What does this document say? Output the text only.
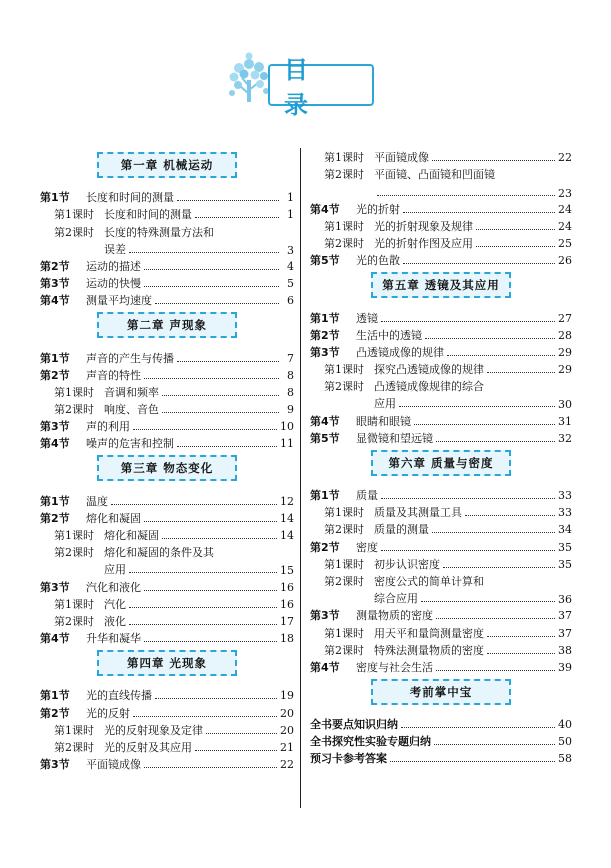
目 录
第一章 机械运动
第1节	长度和时间的测量	1
第1课时 长度和时间的测量	1
第2课时 长度的特殊测量方法和
误差	3
第2节	运动的描述	4
第3节	运动的快慢	5
第4节	测量平均速度	6
第二章 声现象
第1节	声音的产生与传播	7
第2节	声音的特性	8
第1课时 音调和频率	8
第2课时 响度、音色	9
第3节	声的利用	10
第4节	噪声的危害和控制	11
第三章 物态变化
第1节	温度	12
第2节	熔化和凝固	14
第1课时 熔化和凝固	14
第2课时 熔化和凝固的条件及其
应用	15
第3节	汽化和液化	16
第1课时 汽化	16
第2课时 液化	17
第4节	升华和凝华	18
第四章 光现象
第1节	光的直线传播	19
第2节	光的反射	20
第1课时 光的反射现象及定律	20
第2课时 光的反射及其应用	21
第3节	平面镜成像	22
第1课时 平面镜成像	22
第2课时 平面镜、凸面镜和凹面镜
23
第4节	光的折射	24
第1课时 光的折射现象及规律	24
第2课时 光的折射作图及应用	25
第5节	光的色散	26
第五章 透镜及其应用
第1节	透镜	27
第2节	生活中的透镜	28
第3节	凸透镜成像的规律	29
第1课时 探究凸透镜成像的规律	29
第2课时 凸透镜成像规律的综合
应用	30
第4节	眼睛和眼镜	31
第5节	显微镜和望远镜	32
第六章 质量与密度
第1节	质量	33
第1课时 质量及其测量工具	33
第2课时 质量的测量	34
第2节	密度	35
第1课时 初步认识密度	35
第2课时 密度公式的简单计算和
综合应用	36
第3节	测量物质的密度	37
第1课时 用天平和量筒测量密度	37
第2课时 特殊法测量物质的密度	38
第4节	密度与社会生活	39
考前掌中宝
全书要点知识归纳	40
全书探究性实验专题归纳	50
预习卡参考答案	58
